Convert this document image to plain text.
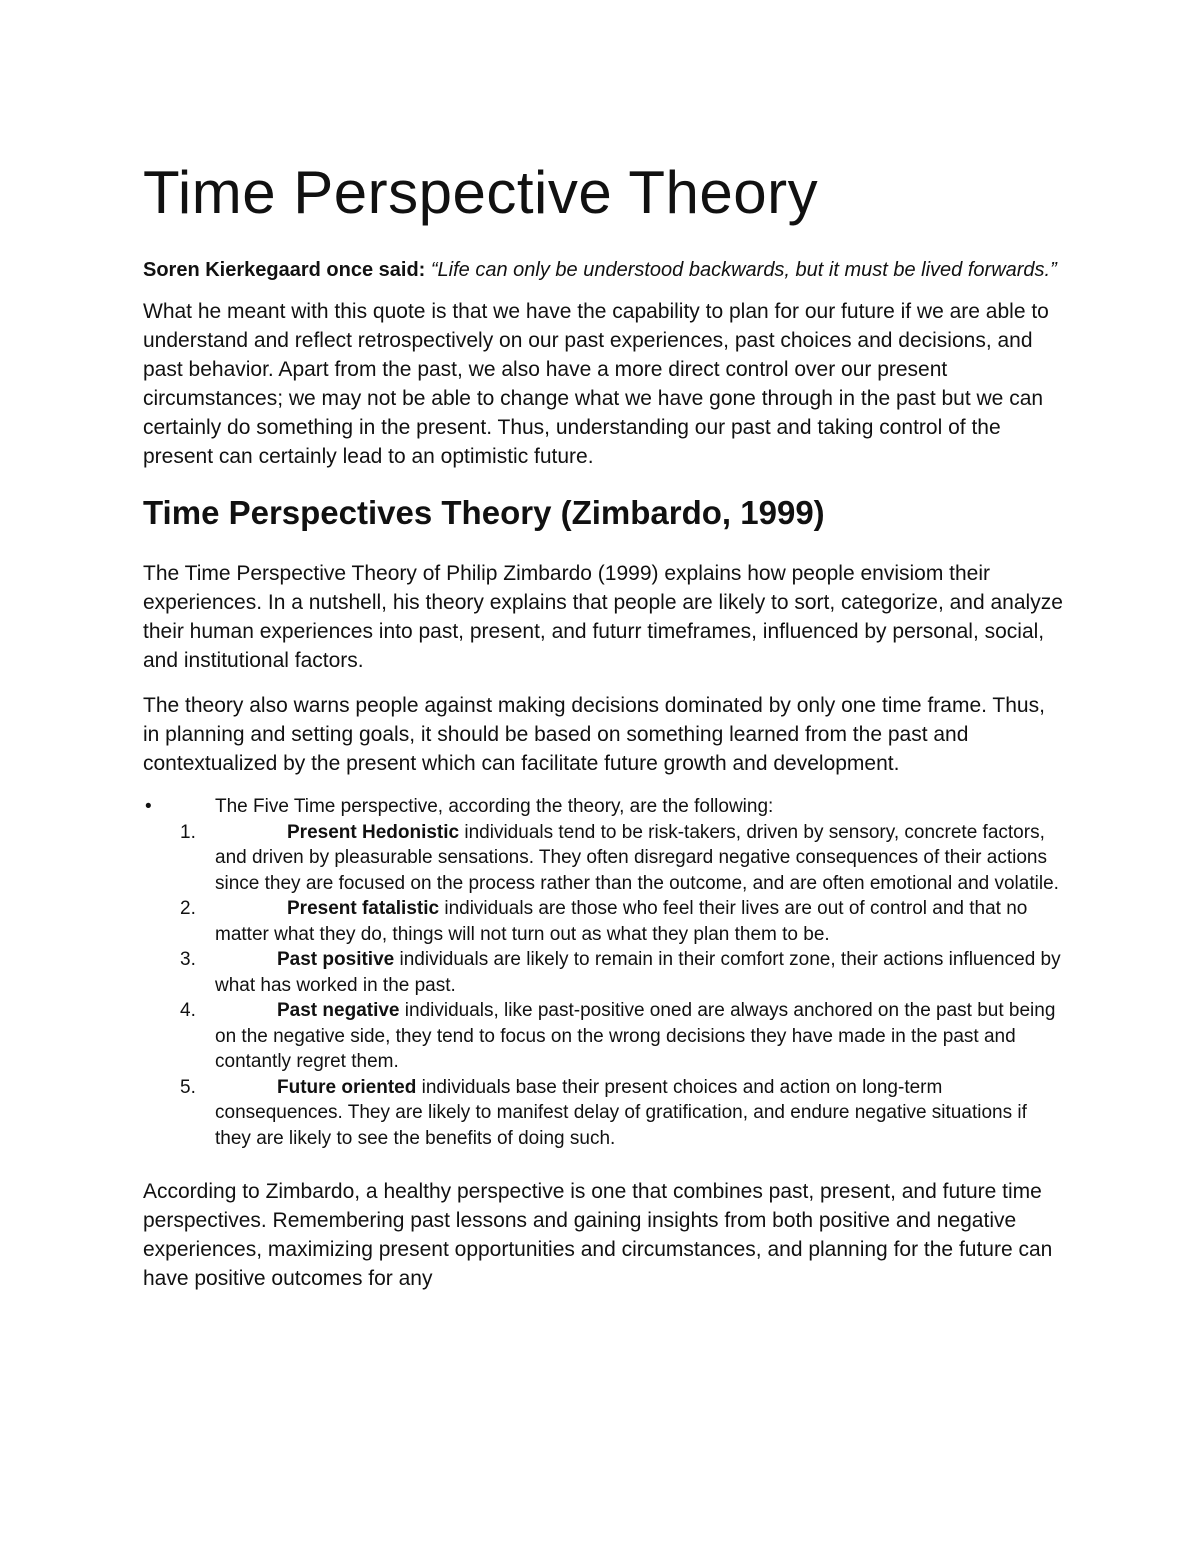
Time Perspective Theory

Soren Kierkegaard once said: “Life can only be understood backwards, but it must be lived forwards.”

What he meant with this quote is that we have the capability to plan for our future if we are able to understand and reflect retrospectively on our past experiences, past choices and decisions, and past behavior. Apart from the past, we also have a more direct control over our present circumstances; we may not be able to change what we have gone through in the past but we can certainly do something in the present. Thus, understanding our past and taking control of the present can certainly lead to an optimistic future.

Time Perspectives Theory (Zimbardo, 1999)

The Time Perspective Theory of Philip Zimbardo (1999) explains how people envisiom their experiences. In a nutshell, his theory explains that people are likely to sort, categorize, and analyze their human experiences into past, present, and futurr timeframes, influenced by personal, social, and institutional factors.

The theory also warns people against making decisions dominated by only one time frame. Thus, in planning and setting goals, it should be based on something learned from the past and contextualized by the present which can facilitate future growth and development.

•	The Five Time perspective, according the theory, are the following:
1.	Present Hedonistic individuals tend to be risk-takers, driven by sensory, concrete factors, and driven by pleasurable sensations. They often disregard negative consequences of their actions since they are focused on the process rather than the outcome, and are often emotional and volatile.
2.	Present fatalistic individuals are those who feel their lives are out of control and that no matter what they do, things will not turn out as what they plan them to be.
3.	Past positive individuals are likely to remain in their comfort zone, their actions influenced by what has worked in the past.
4.	Past negative individuals, like past-positive oned are always anchored on the past but being on the negative side, they tend to focus on the wrong decisions they have made in the past and contantly regret them.
5.	Future oriented individuals base their present choices and action on long-term consequences. They are likely to manifest delay of gratification, and endure negative situations if they are likely to see the benefits of doing such.

According to Zimbardo, a healthy perspective is one that combines past, present, and future time perspectives. Remembering past lessons and gaining insights from both positive and negative experiences, maximizing present opportunities and circumstances, and planning for the future can have positive outcomes for any
